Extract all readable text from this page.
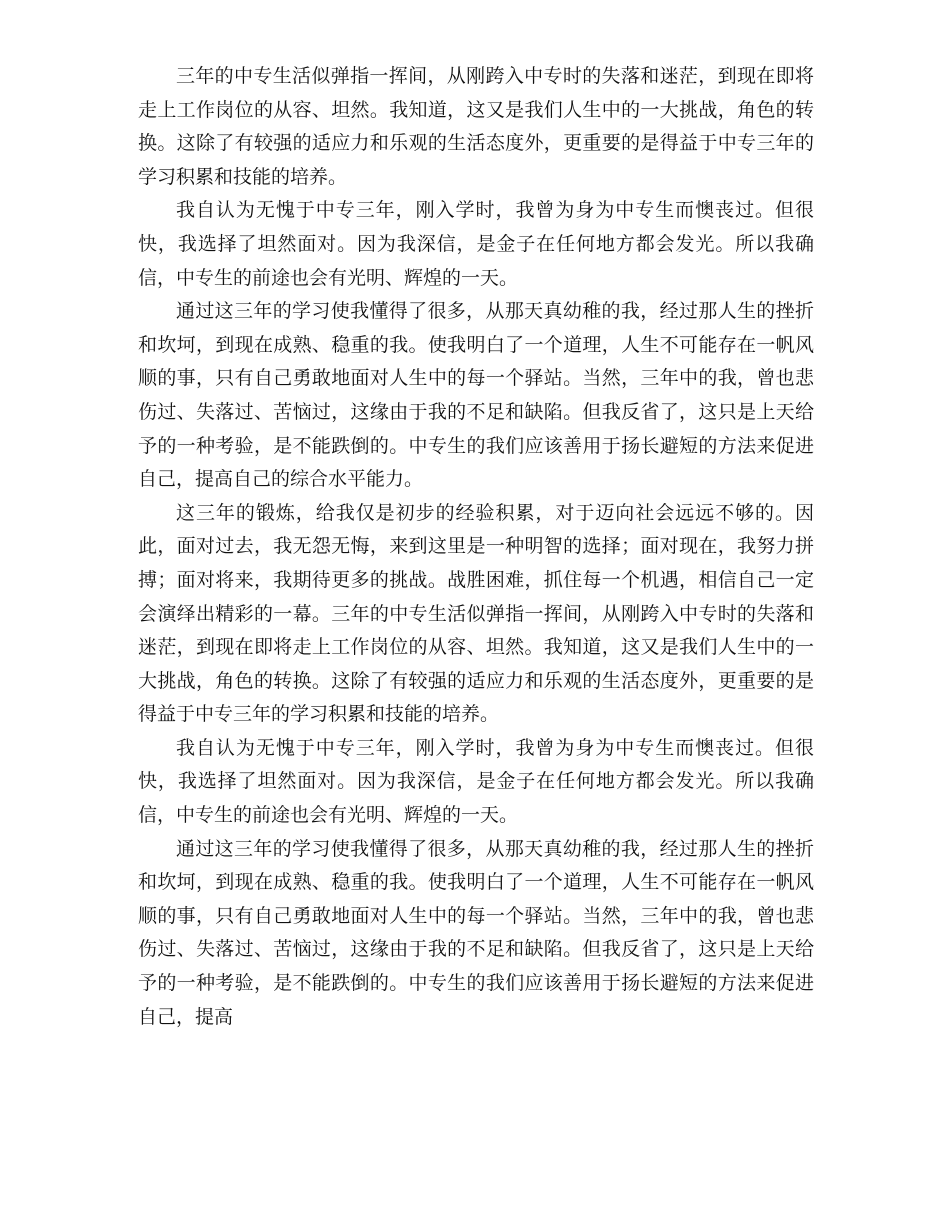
三年的中专生活似弹指一挥间，从刚跨入中专时的失落和迷茫，到现在即将走上工作岗位的从容、坦然。我知道，这又是我们人生中的一大挑战，角色的转换。这除了有较强的适应力和乐观的生活态度外，更重要的是得益于中专三年的学习积累和技能的培养。

我自认为无愧于中专三年，刚入学时，我曾为身为中专生而懊丧过。但很快，我选择了坦然面对。因为我深信，是金子在任何地方都会发光。所以我确信，中专生的前途也会有光明、辉煌的一天。

通过这三年的学习使我懂得了很多，从那天真幼稚的我，经过那人生的挫折和坎坷，到现在成熟、稳重的我。使我明白了一个道理，人生不可能存在一帆风顺的事，只有自己勇敢地面对人生中的每一个驿站。当然，三年中的我，曾也悲伤过、失落过、苦恼过，这缘由于我的不足和缺陷。但我反省了，这只是上天给予的一种考验，是不能跌倒的。中专生的我们应该善用于扬长避短的方法来促进自己，提高自己的综合水平能力。

这三年的锻炼，给我仅是初步的经验积累，对于迈向社会远远不够的。因此，面对过去，我无怨无悔，来到这里是一种明智的选择；面对现在，我努力拼搏；面对将来，我期待更多的挑战。战胜困难，抓住每一个机遇，相信自己一定会演绎出精彩的一幕。三年的中专生活似弹指一挥间，从刚跨入中专时的失落和迷茫，到现在即将走上工作岗位的从容、坦然。我知道，这又是我们人生中的一大挑战，角色的转换。这除了有较强的适应力和乐观的生活态度外，更重要的是得益于中专三年的学习积累和技能的培养。

我自认为无愧于中专三年，刚入学时，我曾为身为中专生而懊丧过。但很快，我选择了坦然面对。因为我深信，是金子在任何地方都会发光。所以我确信，中专生的前途也会有光明、辉煌的一天。

通过这三年的学习使我懂得了很多，从那天真幼稚的我，经过那人生的挫折和坎坷，到现在成熟、稳重的我。使我明白了一个道理，人生不可能存在一帆风顺的事，只有自己勇敢地面对人生中的每一个驿站。当然，三年中的我，曾也悲伤过、失落过、苦恼过，这缘由于我的不足和缺陷。但我反省了，这只是上天给予的一种考验，是不能跌倒的。中专生的我们应该善用于扬长避短的方法来促进自己，提高
